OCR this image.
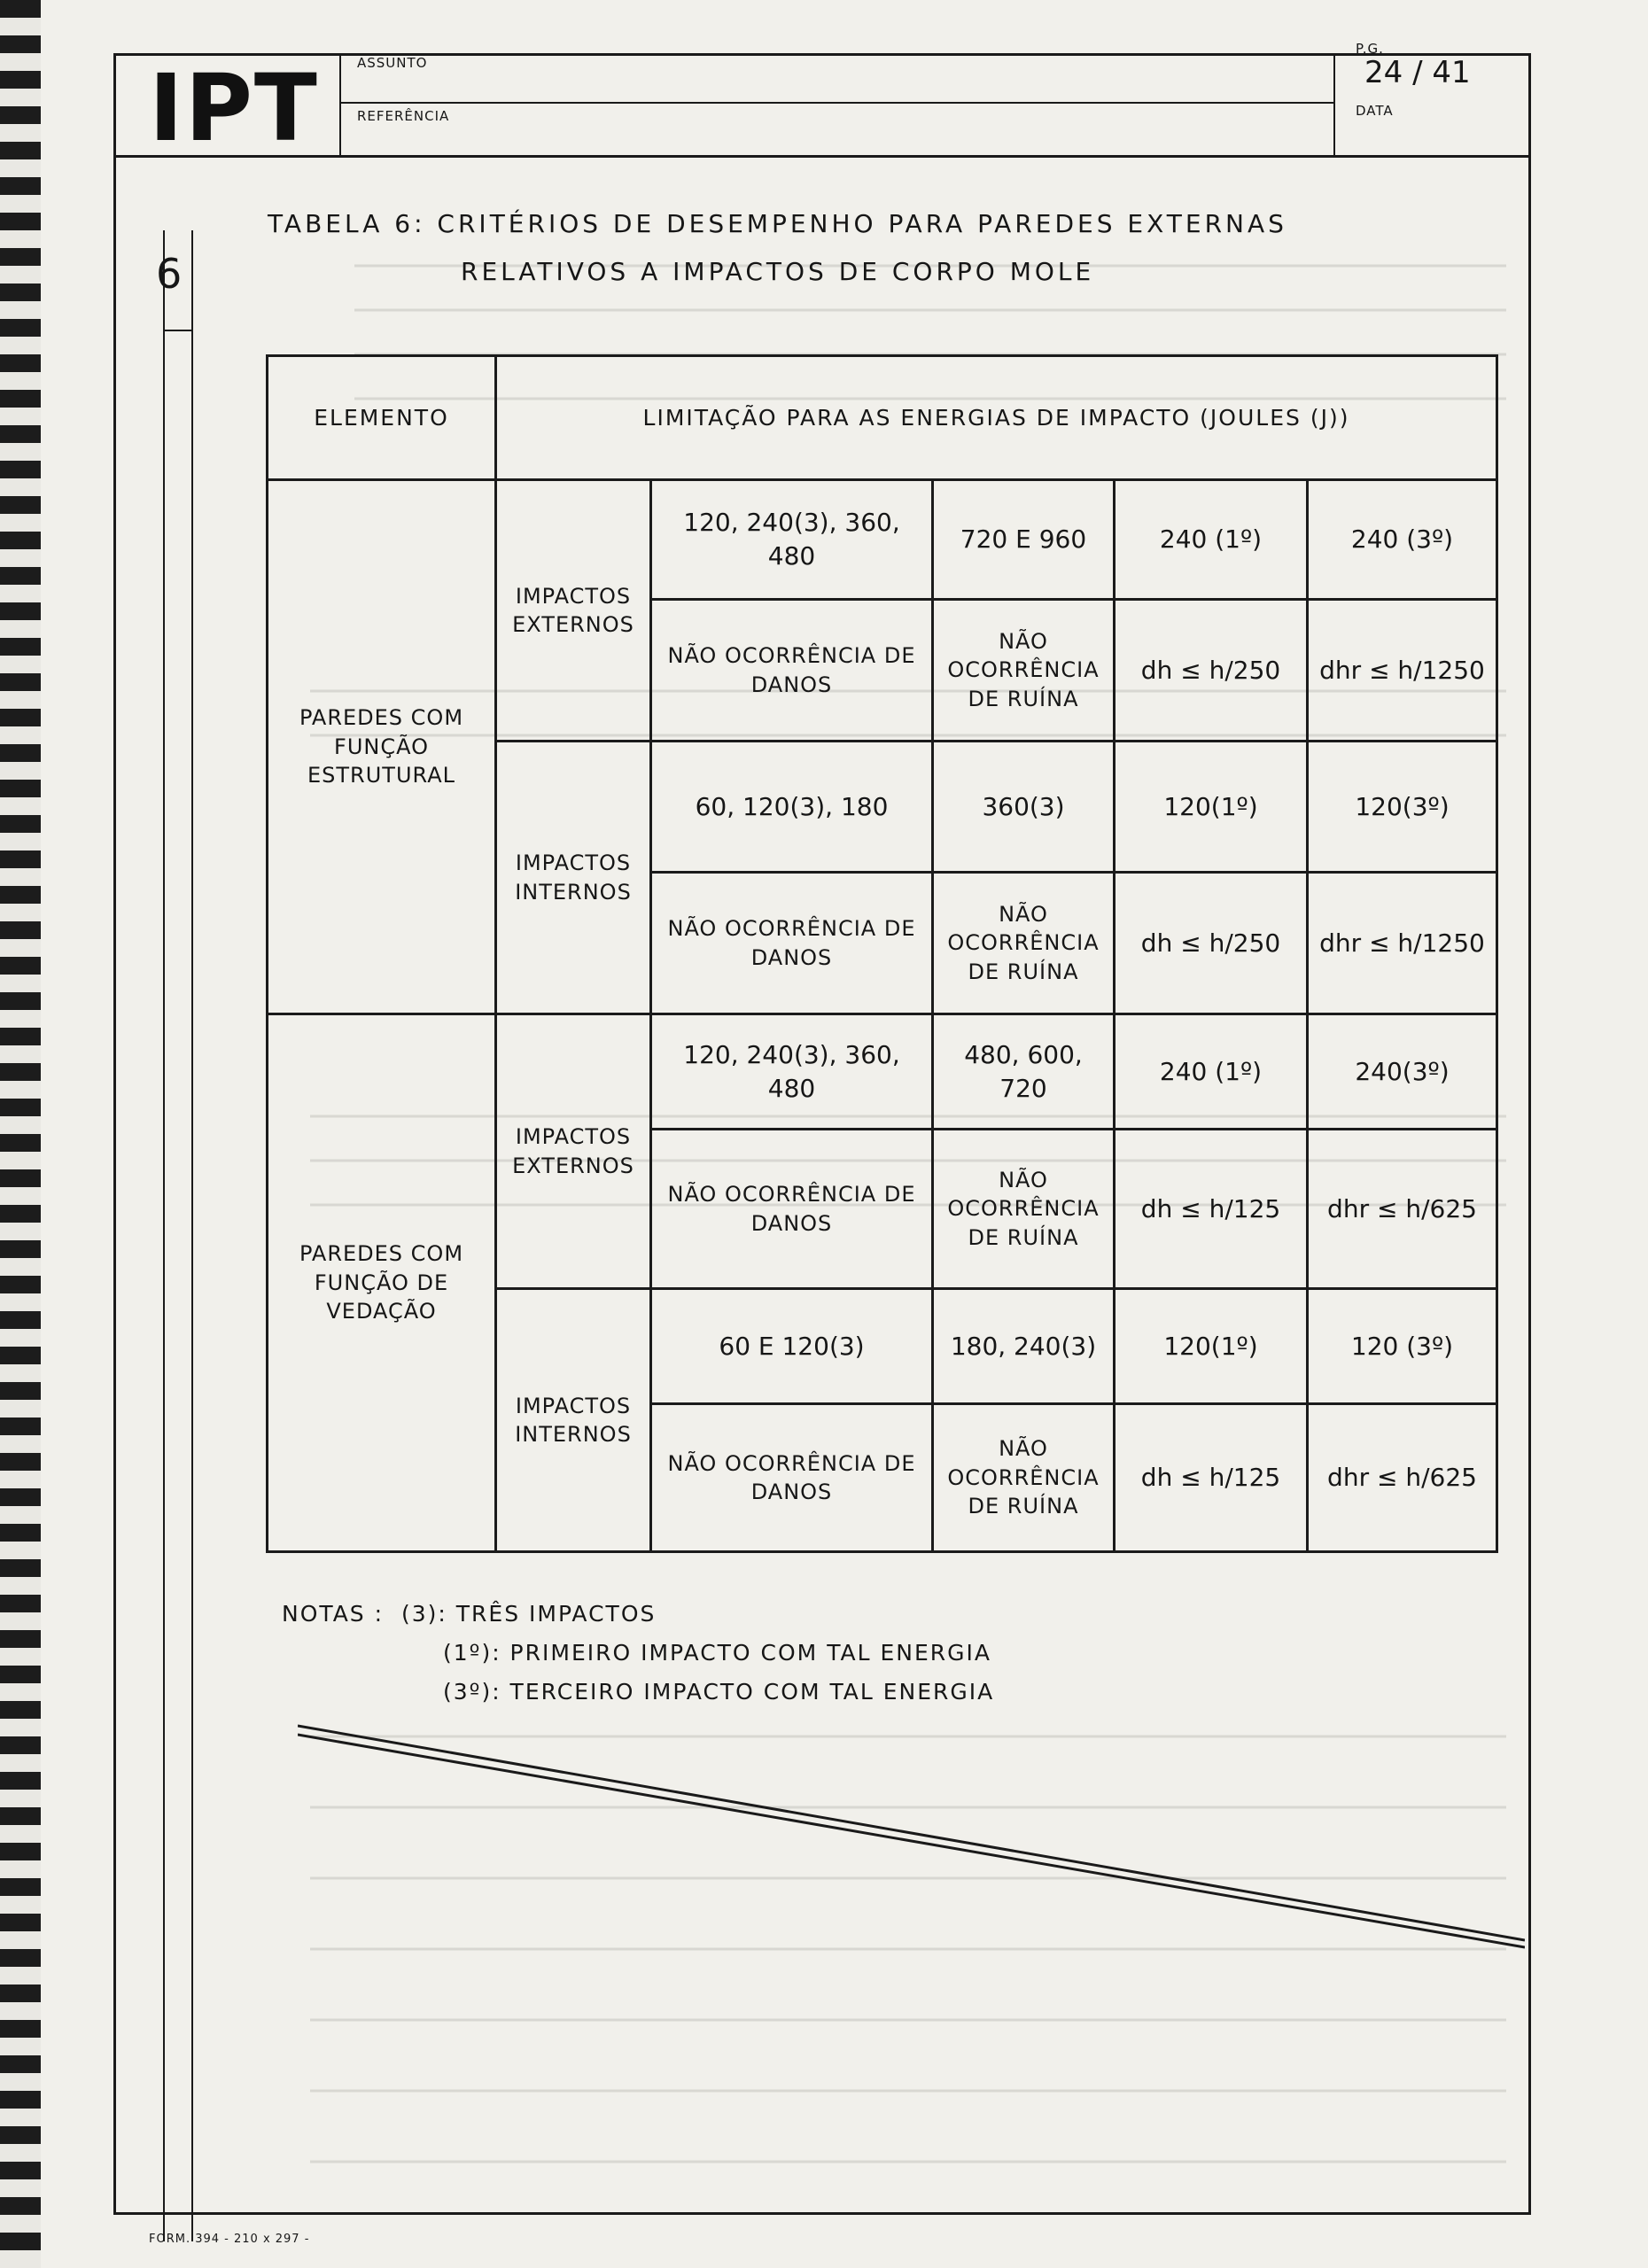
IPT	ASSUNTO
REFERÊNCIA
P.G.
24 / 41
DATA
6
TABELA 6: CRITÉRIOS DE DESEMPENHO PARA PAREDES EXTERNAS
RELATIVOS A IMPACTOS DE CORPO MOLE
ELEMENTO	LIMITAÇÃO PARA AS ENERGIAS DE IMPACTO (JOULES (J))				
PAREDES COM FUNÇÃO ESTRUTURAL	IMPACTOS EXTERNOS	120, 240(3), 360, 480	720 E 960	240 (1º)	240 (3º)
		NÃO OCORRÊNCIA DE DANOS	NÃO OCORRÊNCIA DE RUÍNA	dh ≤ h/250	dhr ≤ h/1250
	IMPACTOS INTERNOS	60, 120(3), 180	360(3)	120(1º)	120(3º)
		NÃO OCORRÊNCIA DE DANOS	NÃO OCORRÊNCIA DE RUÍNA	dh ≤ h/250	dhr ≤ h/1250
PAREDES COM FUNÇÃO DE VEDAÇÃO	IMPACTOS EXTERNOS	120, 240(3), 360, 480	480, 600, 720	240 (1º)	240(3º)
		NÃO OCORRÊNCIA DE DANOS	NÃO OCORRÊNCIA DE RUÍNA	dh ≤ h/125	dhr ≤ h/625
	IMPACTOS INTERNOS	60 E 120(3)	180, 240(3)	120(1º)	120 (3º)
		NÃO OCORRÊNCIA DE DANOS	NÃO OCORRÊNCIA DE RUÍNA	dh ≤ h/125	dhr ≤ h/625
NOTAS : (3): TRÊS IMPACTOS
(1º): PRIMEIRO IMPACTO COM TAL ENERGIA
(3º): TERCEIRO IMPACTO COM TAL ENERGIA
FORM. 394 - 210 x 297 -
